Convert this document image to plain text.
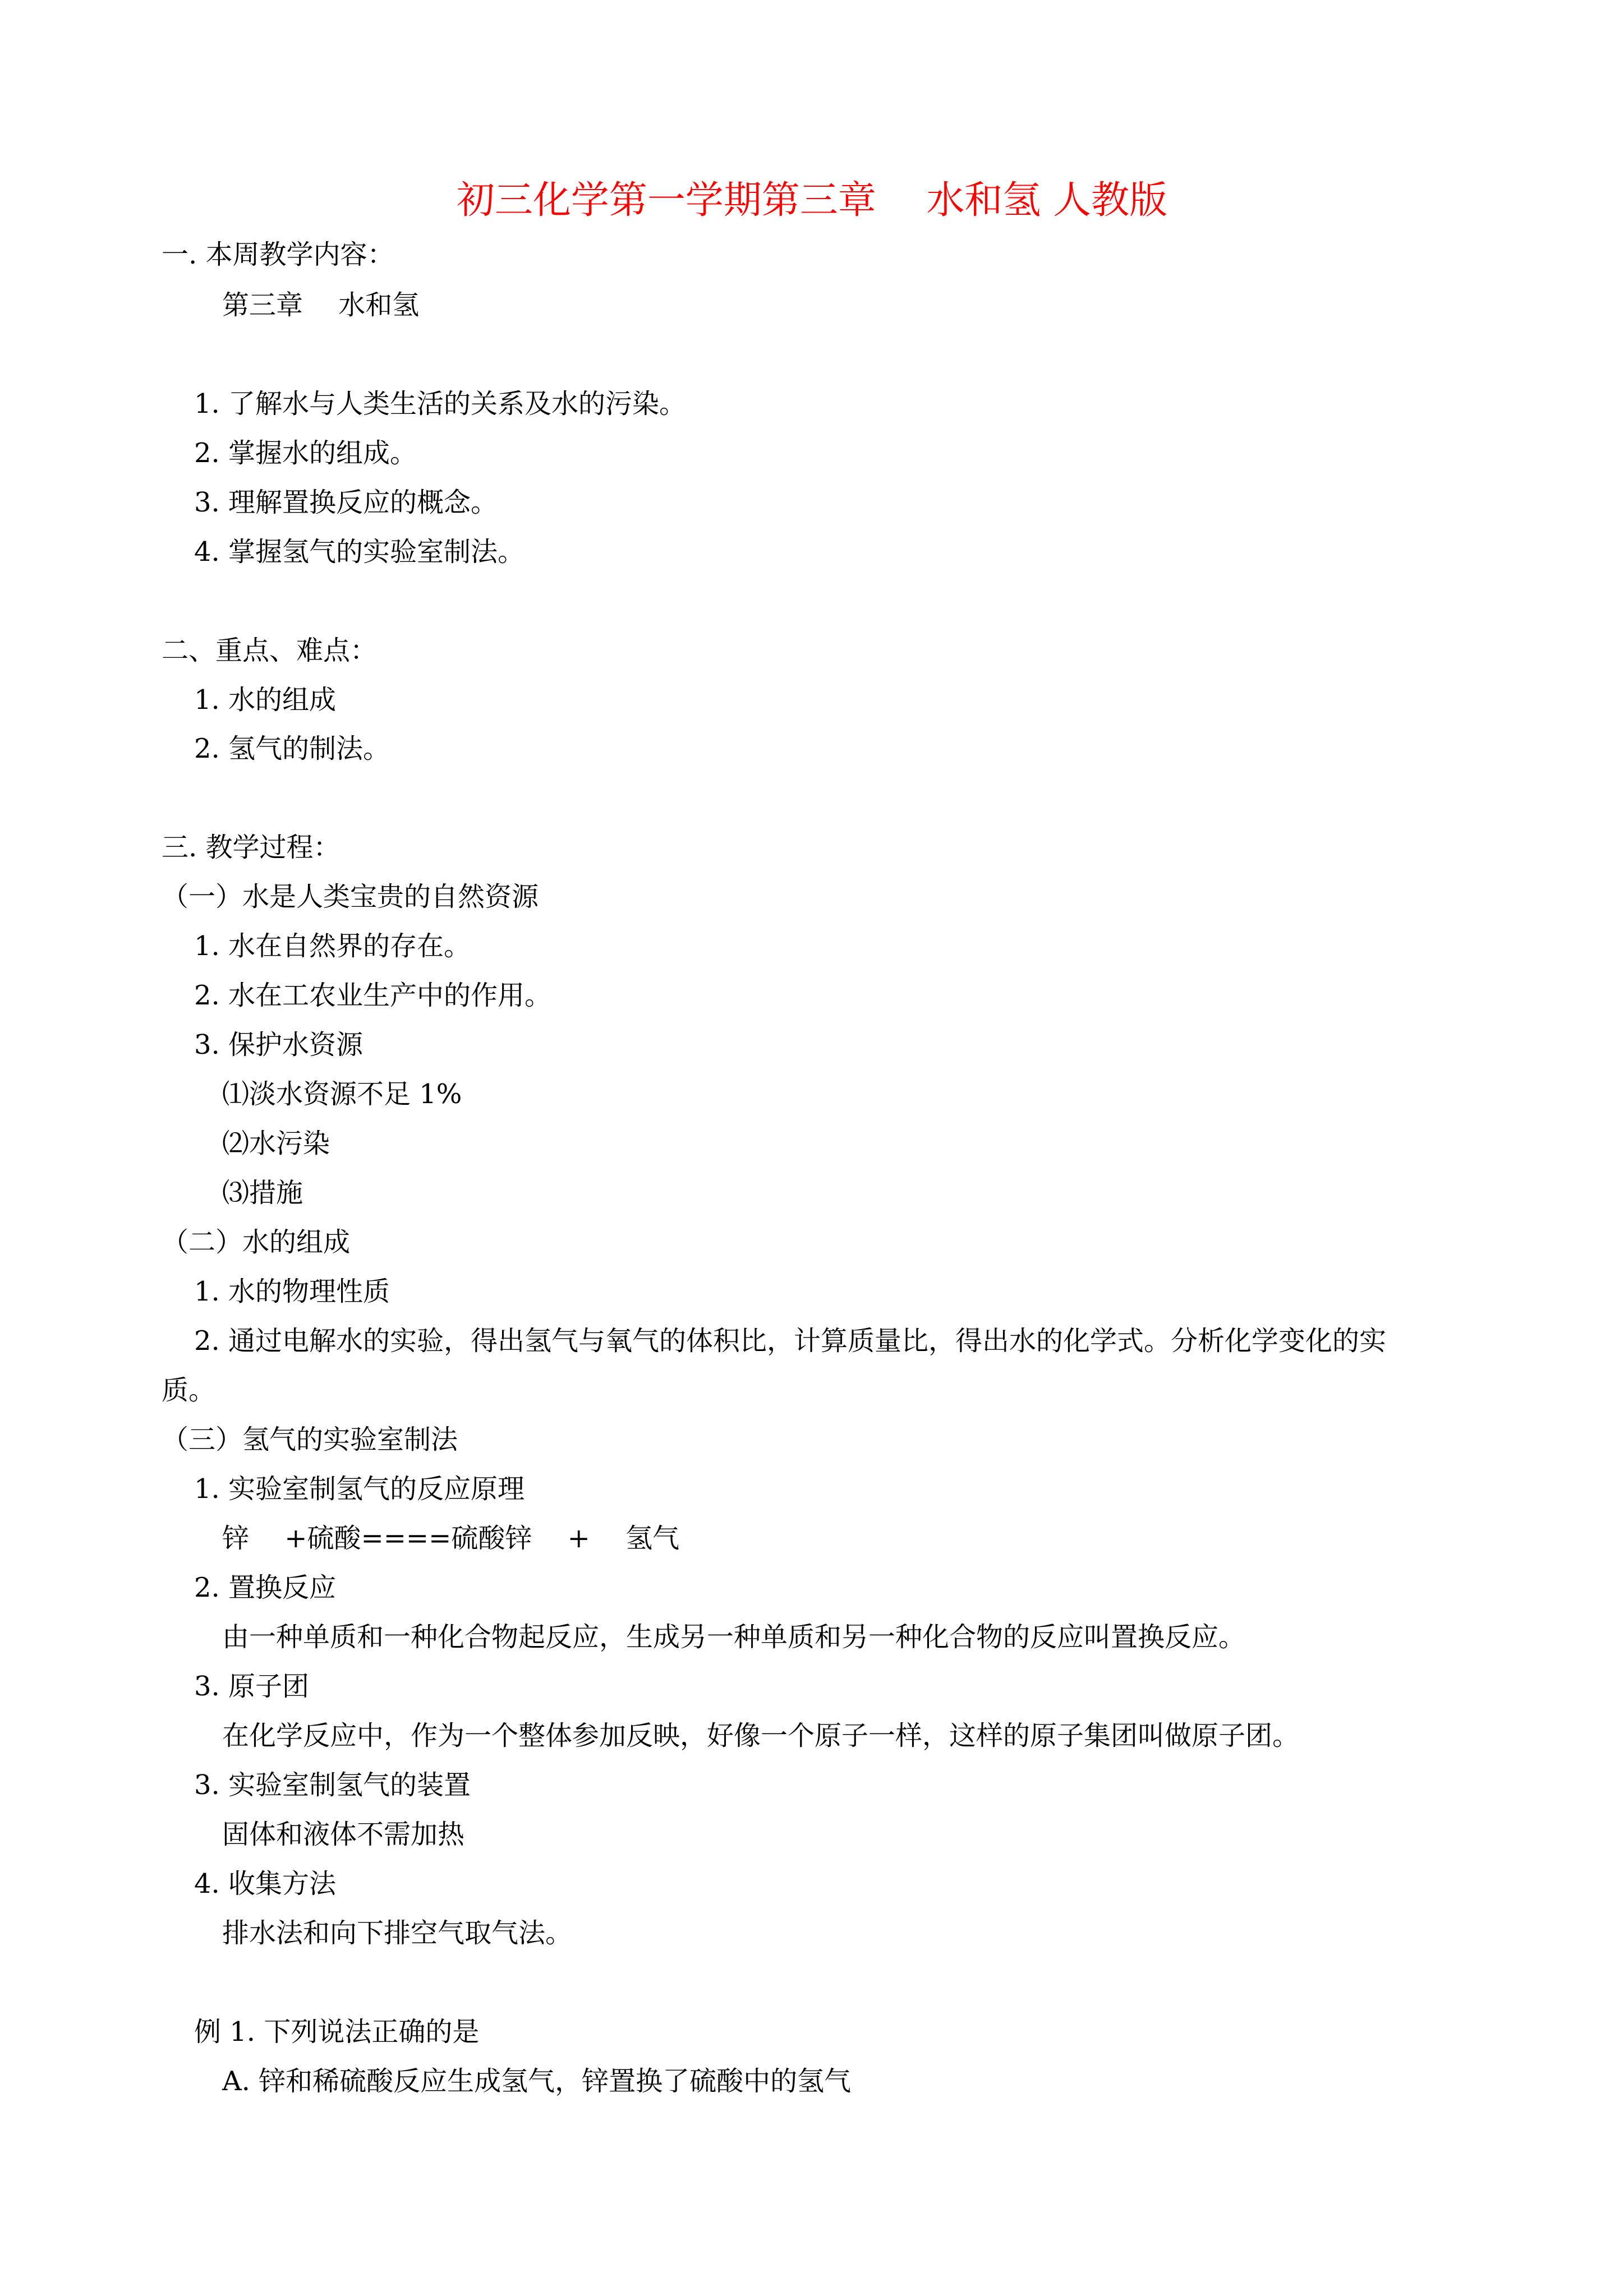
初三化学第一学期第三章　 水和氢 人教版
一. 本周教学内容：
第三章　 水和氢
1. 了解水与人类生活的关系及水的污染。
2. 掌握水的组成。
3. 理解置换反应的概念。
4. 掌握氢气的实验室制法。
二、重点、难点：
1. 水的组成
2. 氢气的制法。
三. 教学过程：
（一）水是人类宝贵的自然资源
1. 水在自然界的存在。
2. 水在工农业生产中的作用。
3. 保护水资源
⑴淡水资源不足 1%
⑵水污染
⑶措施
（二）水的组成
1. 水的物理性质
2. 通过电解水的实验，得出氢气与氧气的体积比，计算质量比，得出水的化学式。分析化学变化的实
质。
（三）氢气的实验室制法
1. 实验室制氢气的反应原理
锌　 +硫酸====硫酸锌　 +　 氢气
2. 置换反应
由一种单质和一种化合物起反应，生成另一种单质和另一种化合物的反应叫置换反应。
3. 原子团
在化学反应中，作为一个整体参加反映，好像一个原子一样，这样的原子集团叫做原子团。
3. 实验室制氢气的装置
固体和液体不需加热
4. 收集方法
排水法和向下排空气取气法。
例 1. 下列说法正确的是
A. 锌和稀硫酸反应生成氢气，锌置换了硫酸中的氢气
